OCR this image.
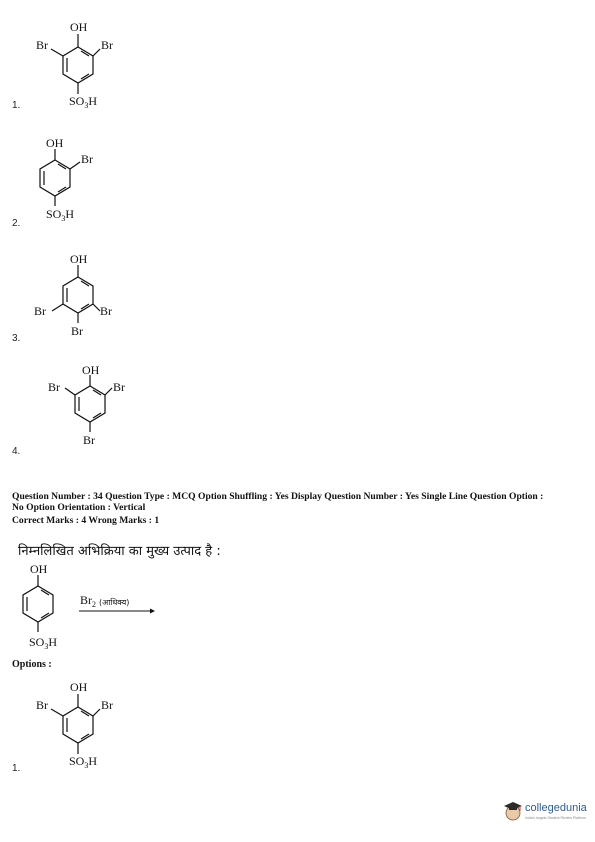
OH
Br	Br
$SO_3H$
1.
OH
Br
$SO_3H$
2.
OH
Br	Br
Br
3.
OH
Br	Br
Br
4.
Question Number : 34 Question Type : MCQ Option Shuffling : Yes Display Question Number : Yes Single Line Question Option :
No Option Orientation : Vertical
Correct Marks : 4 Wrong Marks : 1
निम्नलिखित अभिक्रिया का मुख्य उत्पाद है :
OH
$SO_3H$
$Br_2$ (आधिक्य)
Options :
OH
Br	Br
$SO_3H$
1.
collegedunia
India's largest Student Review Platform
